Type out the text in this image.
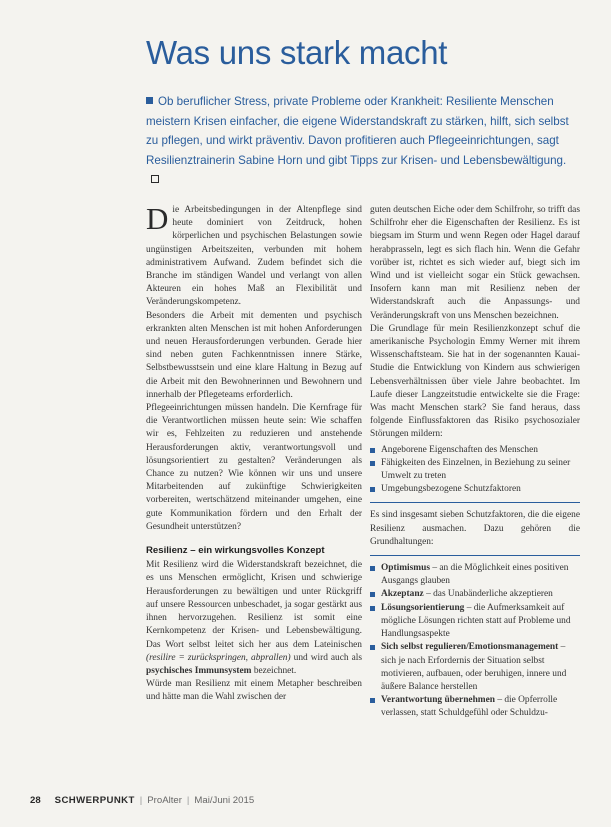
Was uns stark macht

Ob beruflicher Stress, private Probleme oder Krankheit: Resiliente Menschen meistern Krisen einfacher, die eigene Widerstandskraft zu stärken, hilft, sich selbst zu pflegen, und wirkt präventiv. Davon profitieren auch Pflegeeinrichtungen, sagt Resilienztrainerin Sabine Horn und gibt Tipps zur Krisen- und Lebensbewältigung.

Die Arbeitsbedingungen in der Altenpflege sind heute dominiert von Zeitdruck, hohen körperlichen und psychischen Belastungen sowie ungünstigen Arbeitszeiten, verbunden mit hohem administrativem Aufwand. Zudem befindet sich die Branche im ständigen Wandel und verlangt von allen Akteuren ein hohes Maß an Flexibilität und Veränderungskompetenz.

Besonders die Arbeit mit dementen und psychisch erkrankten alten Menschen ist mit hohen Anforderungen und neuen Herausforderungen verbunden. Gerade hier sind neben guten Fachkenntnissen innere Stärke, Selbstbewusstsein und eine klare Haltung in Bezug auf die Arbeit mit den Bewohnerinnen und Bewohnern und innerhalb der Pflegeteams erforderlich.

Pflegeeinrichtungen müssen handeln. Die Kernfrage für die Verantwortlichen müssen heute sein: Wie schaffen wir es, Fehlzeiten zu reduzieren und anstehende Herausforderungen aktiv, verantwortungsvoll und lösungsorientiert zu gestalten? Veränderungen als Chance zu nutzen? Wie können wir uns und unsere Mitarbeitenden auf zukünftige Schwierigkeiten vorbereiten, wertschätzend miteinander umgehen, eine gute Kommunikation fördern und den Erhalt der Gesundheit unterstützen?

Resilienz – ein wirkungsvolles Konzept

Mit Resilienz wird die Widerstandskraft bezeichnet, die es uns Menschen ermöglicht, Krisen und schwierige Herausforderungen zu bewältigen und unter Rückgriff auf unsere Ressourcen unbeschadet, ja sogar gestärkt aus ihnen hervorzugehen. Resilienz ist somit eine Kernkompetenz der Krisen- und Lebensbewältigung. Das Wort selbst leitet sich her aus dem Lateinischen (resilire = zurückspringen, abprallen) und wird auch als psychisches Immunsystem bezeichnet.

Würde man Resilienz mit einem Metapher beschreiben und hätte man die Wahl zwischen der

guten deutschen Eiche oder dem Schilfrohr, so trifft das Schilfrohr eher die Eigenschaften der Resilienz. Es ist biegsam im Sturm und wenn Regen oder Hagel darauf herabprasseln, legt es sich flach hin. Wenn die Gefahr vorüber ist, richtet es sich wieder auf, biegt sich im Wind und ist vielleicht sogar ein Stück gewachsen. Insofern kann man mit Resilienz neben der Widerstandskraft auch die Anpassungs- und Veränderungskraft von uns Menschen bezeichnen.

Die Grundlage für mein Resilienzkonzept schuf die amerikanische Psychologin Emmy Werner mit ihrem Wissenschaftsteam. Sie hat in der sogenannten Kauai-Studie die Entwicklung von Kindern aus schwierigen Lebensverhältnissen über viele Jahre beobachtet. Im Laufe dieser Langzeitstudie entwickelte sie die Frage: Was macht Menschen stark? Sie fand heraus, dass folgende Einflussfaktoren das Risiko psychosozialer Störungen mildern:

Angeborene Eigenschaften des Menschen
Fähigkeiten des Einzelnen, in Beziehung zu seiner Umwelt zu treten
Umgebungsbezogene Schutzfaktoren

Es sind insgesamt sieben Schutzfaktoren, die die eigene Resilienz ausmachen. Dazu gehören die Grundhaltungen:

Optimismus – an die Möglichkeit eines positiven Ausgangs glauben
Akzeptanz – das Unabänderliche akzeptieren
Lösungsorientierung – die Aufmerksamkeit auf mögliche Lösungen richten statt auf Probleme und Handlungsaspekte
Sich selbst regulieren/Emotionsmanagement – sich je nach Erfordernis der Situation selbst motivieren, aufbauen, oder beruhigen, innere und äußere Balance herstellen
Verantwortung übernehmen – die Opferrolle verlassen, statt Schuldgefühl oder Schuldzu-
28 SCHWERPUNKT | ProAlter | Mai/Juni 2015
